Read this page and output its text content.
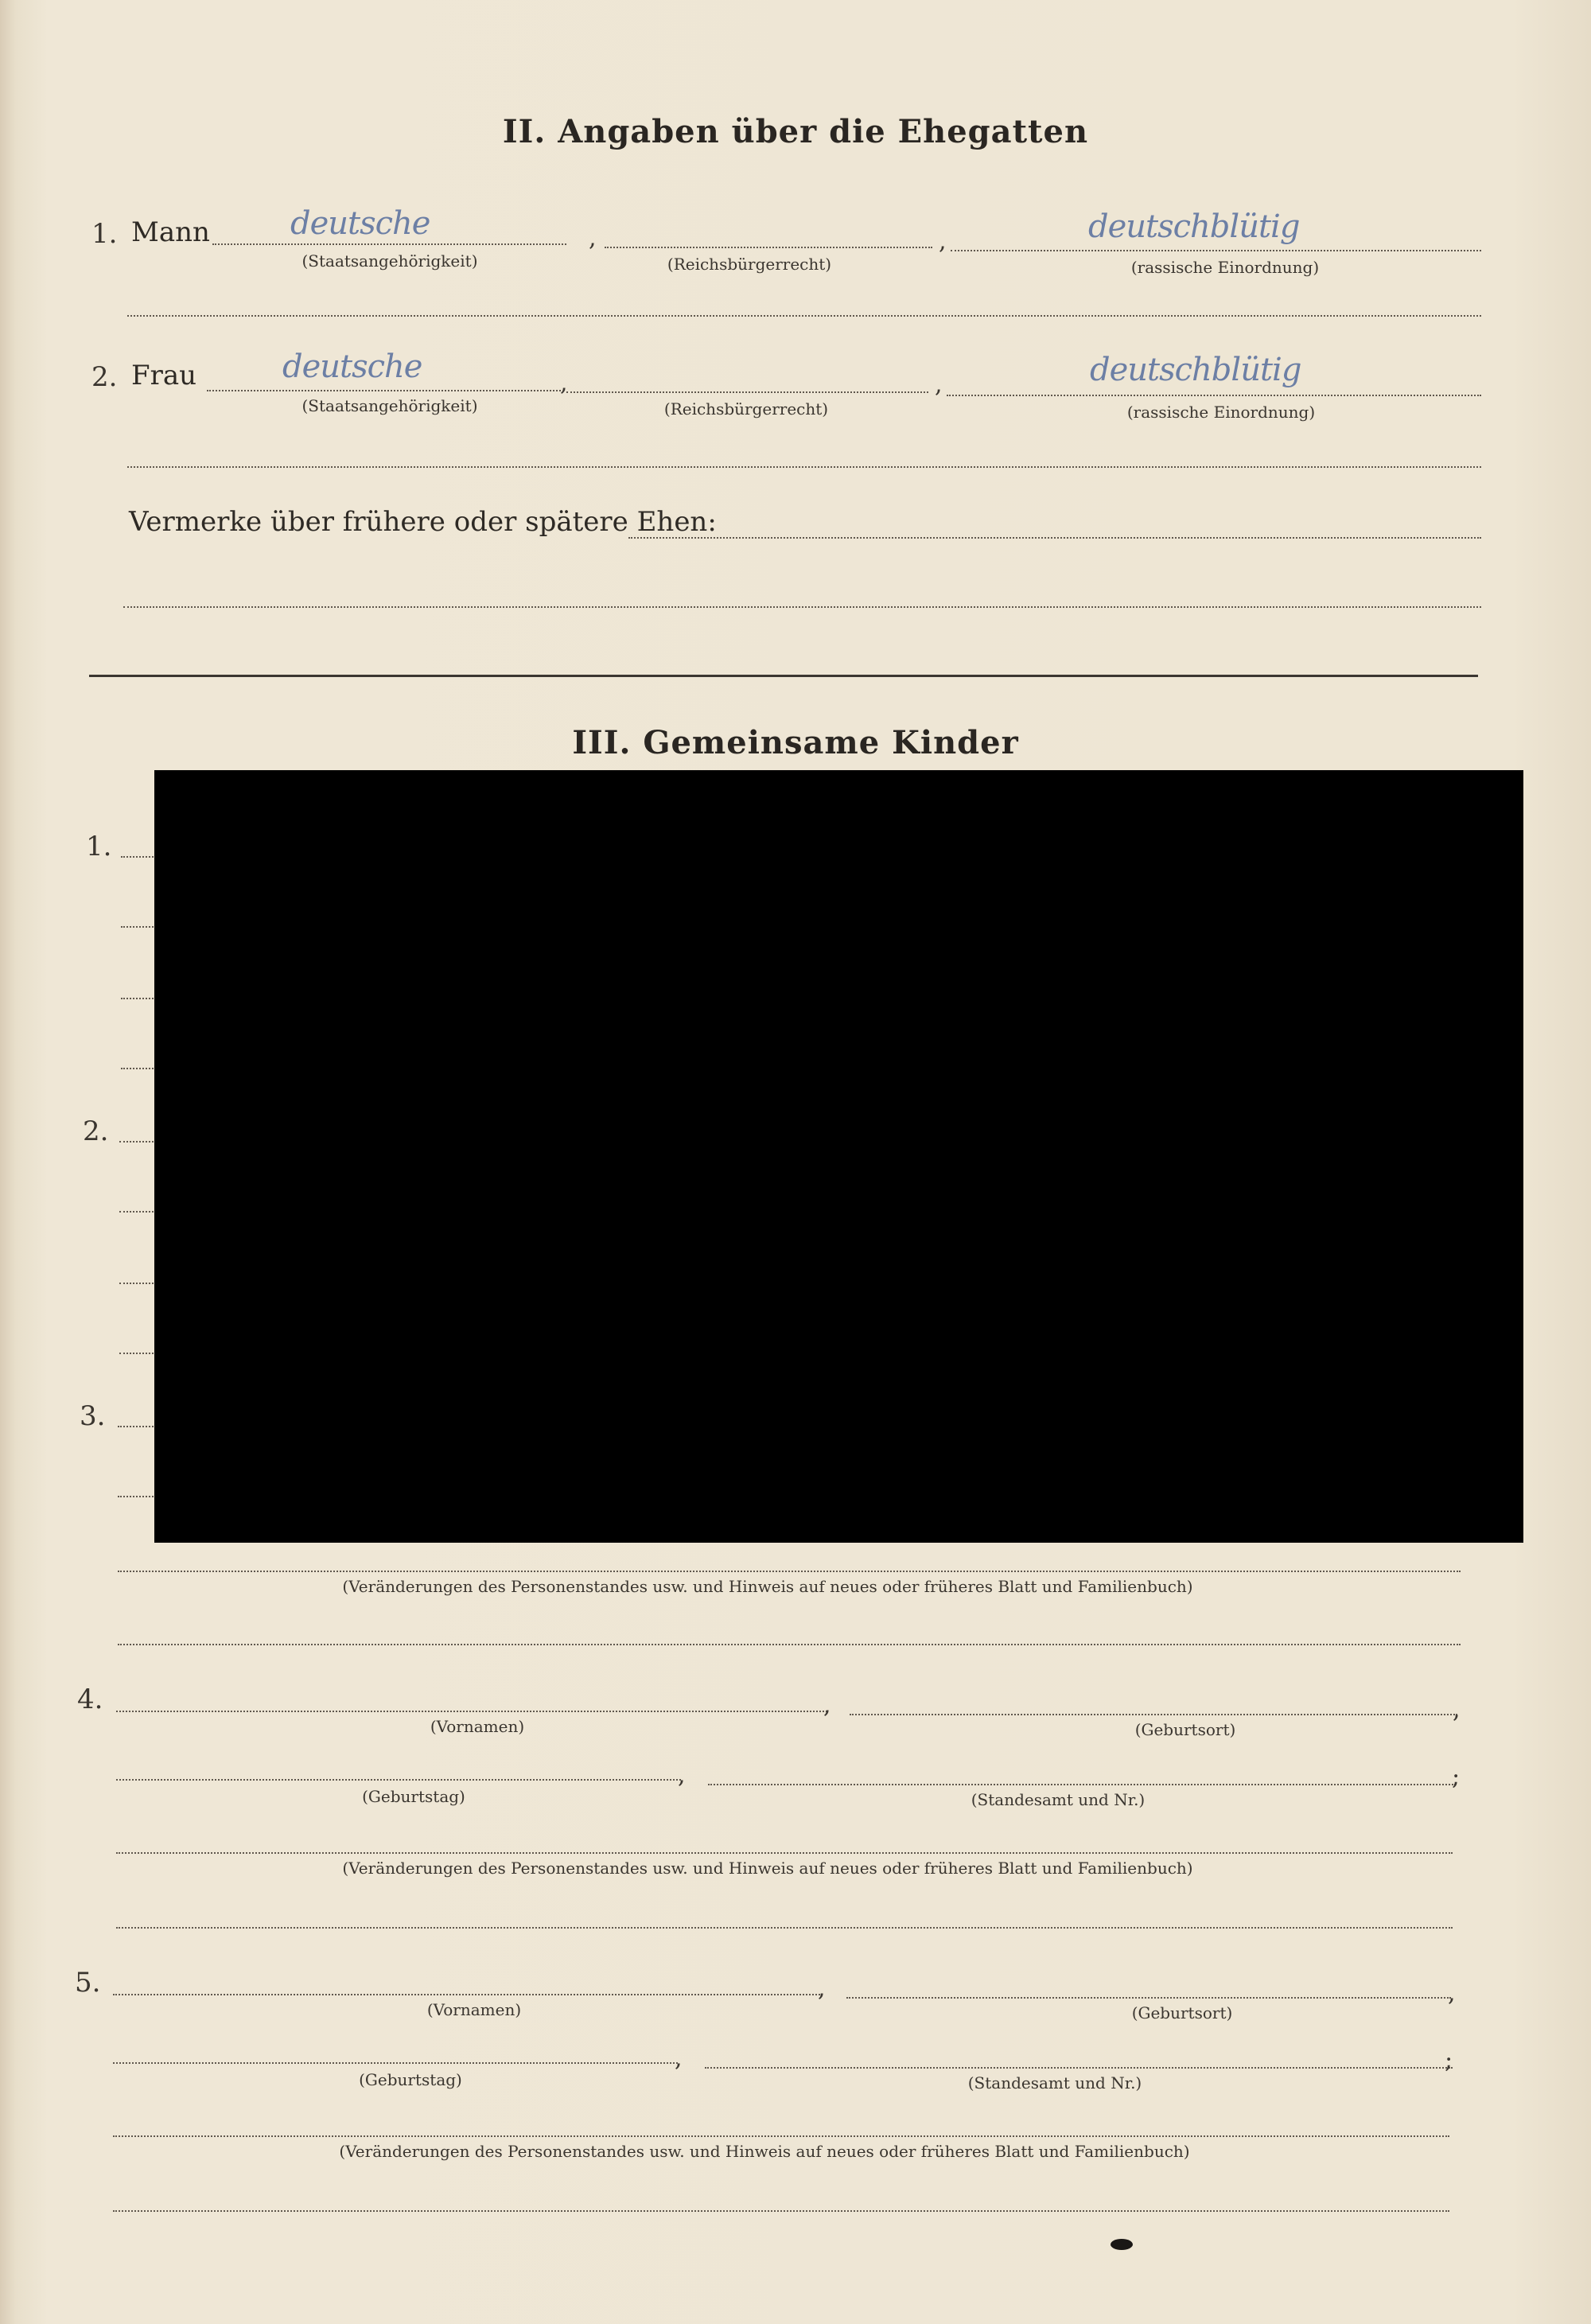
II. Angaben über die Ehegatten
1. Mann	deutsche	,	,	deutschblütig
(Staatsangehörigkeit)	(Reichsbürgerrecht)	(rassische Einordnung)
2. Frau	deutsche	,	,	deutschblütig
(Staatsangehörigkeit)	(Reichsbürgerrecht)	(rassische Einordnung)
Vermerke über frühere oder spätere Ehen:
III. Gemeinsame Kinder
1.
2.
3.
(Veränderungen des Personenstandes usw. und Hinweis auf neues oder früheres Blatt und Familienbuch)
4.	,	,
(Vornamen)	(Geburtsort)
,	;
(Geburtstag)	(Standesamt und Nr.)
(Veränderungen des Personenstandes usw. und Hinweis auf neues oder früheres Blatt und Familienbuch)
5.	,	,
(Vornamen)	(Geburtsort)
,	;
(Geburtstag)	(Standesamt und Nr.)
(Veränderungen des Personenstandes usw. und Hinweis auf neues oder früheres Blatt und Familienbuch)
